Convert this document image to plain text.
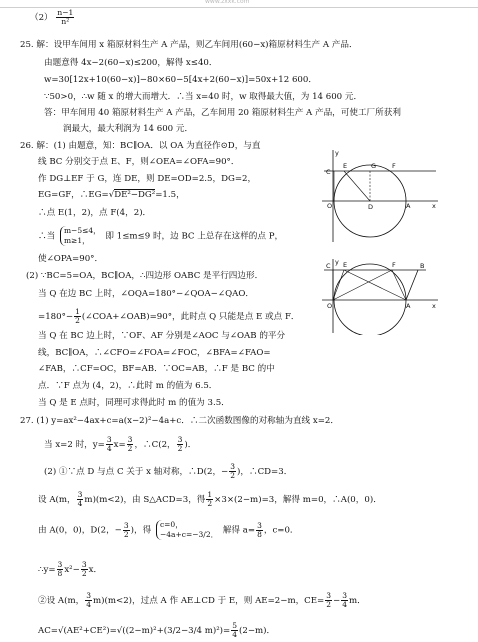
www.zxxk.com
$(2) \frac{n-1}{\text{n²}}$
25. 解：设甲车间用 x 箱原材料生产 A 产品，则乙车间用(60−x)箱原材料生产 A 产品．
由题意得 4x−2(60−x)≤200，解得 x≤40．
w=30[12x+10(60−x)]−80×60−5[4x+2(60−x)]=50x+12 600．
∵50>0，∴w 随 x 的增大而增大．∴当 x=40 时，w 取得最大值，为 14 600 元．
答：甲车间用 40 箱原材料生产 A 产品，乙车间用 20 箱原材料生产 A 产品，可使工厂所获利
润最大，最大利润为 14 600 元．
26. 解：(1) 由题意，知：BC∥OA．以 OA 为直径作⊙D，与直
线 BC 分别交于点 E、F，则∠OEA=∠OFA=90°．
作 DG⊥EF 于 G，连 DE，则 DE=OD=2.5，DG=2，
EG=GF，∴EG=√DE²−DG²=1.5，
∴点 E(1，2)，点 F(4，2)．
∴当
m−5≤4，
m≥1，	即 1≤m≤9 时，边 BC 上总存在这样的点 P，
使∠OPA=90°．
(2) ∵BC=5=OA，BC∥OA，∴四边形 OABC 是平行四边形．
当 Q 在边 BC 上时，∠OQA=180°−∠QOA−∠QAO．
$=180^\circ- \frac{1}{2}$ (∠COA+∠OAB)=90°，此时点 Q 只能是点 E 或点 F．
当 Q 在 BC 边上时，∵OF、AF 分别是∠AOC 与∠OAB 的平分
线，BC∥OA，∴∠CFO=∠FOA=∠FOC，∠BFA=∠FAO=
∠FAB，∴CF=OC，BF=AB．∵OC=AB，∴F 是 BC 的中
点．∵F 点为 (4，2)，∴此时 m 的值为 6.5．
当 Q 是 E 点时，同理可求得此时 m 的值为 3.5．
27. (1) y=ax²−4ax+c=a(x−2)²−4a+c．∴二次函数图像的对称轴为直线 x=2．
当 x=2 时，$y= \frac{3}{4} x= \frac{3}{2}$ ，∴C(2， $\frac{3}{2}$ )．
(2) ①∵点 D 与点 C 关于 x 轴对称，∴D(2，− $\frac{3}{2}$ )，∴CD=3．
设 A(m， $\frac{3}{4} m)(m<2)$，由 S△ACD=3，得 $\frac{1}{2} \times 3\times(2-m)=3$，解得 m=0，∴A(0，0)．
由 A(0，0)，D(2，− $\frac{3}{2}$ )，得
c=0，
−4a+c=−3/2． 解得 $a= \frac{3}{8}$ ，c=0．
∴y= $\frac{3}{8} x^2- \frac{3}{2}$ x．
②设 A(m， $\frac{3}{4} m)(m<2)$，过点 A 作 AE⊥CD 于 E，则 AE=2−m，$CE= \frac{3}{2} - \frac{3}{4}$ m．
AC=√(AE²+CE²)=√((2−m)²+(3/2−3/4 $m)^2)= \frac{5}{4} (2-m)$．
y
E	G F
O	D	A	x
C
y
C E	F	B
O	A	x
